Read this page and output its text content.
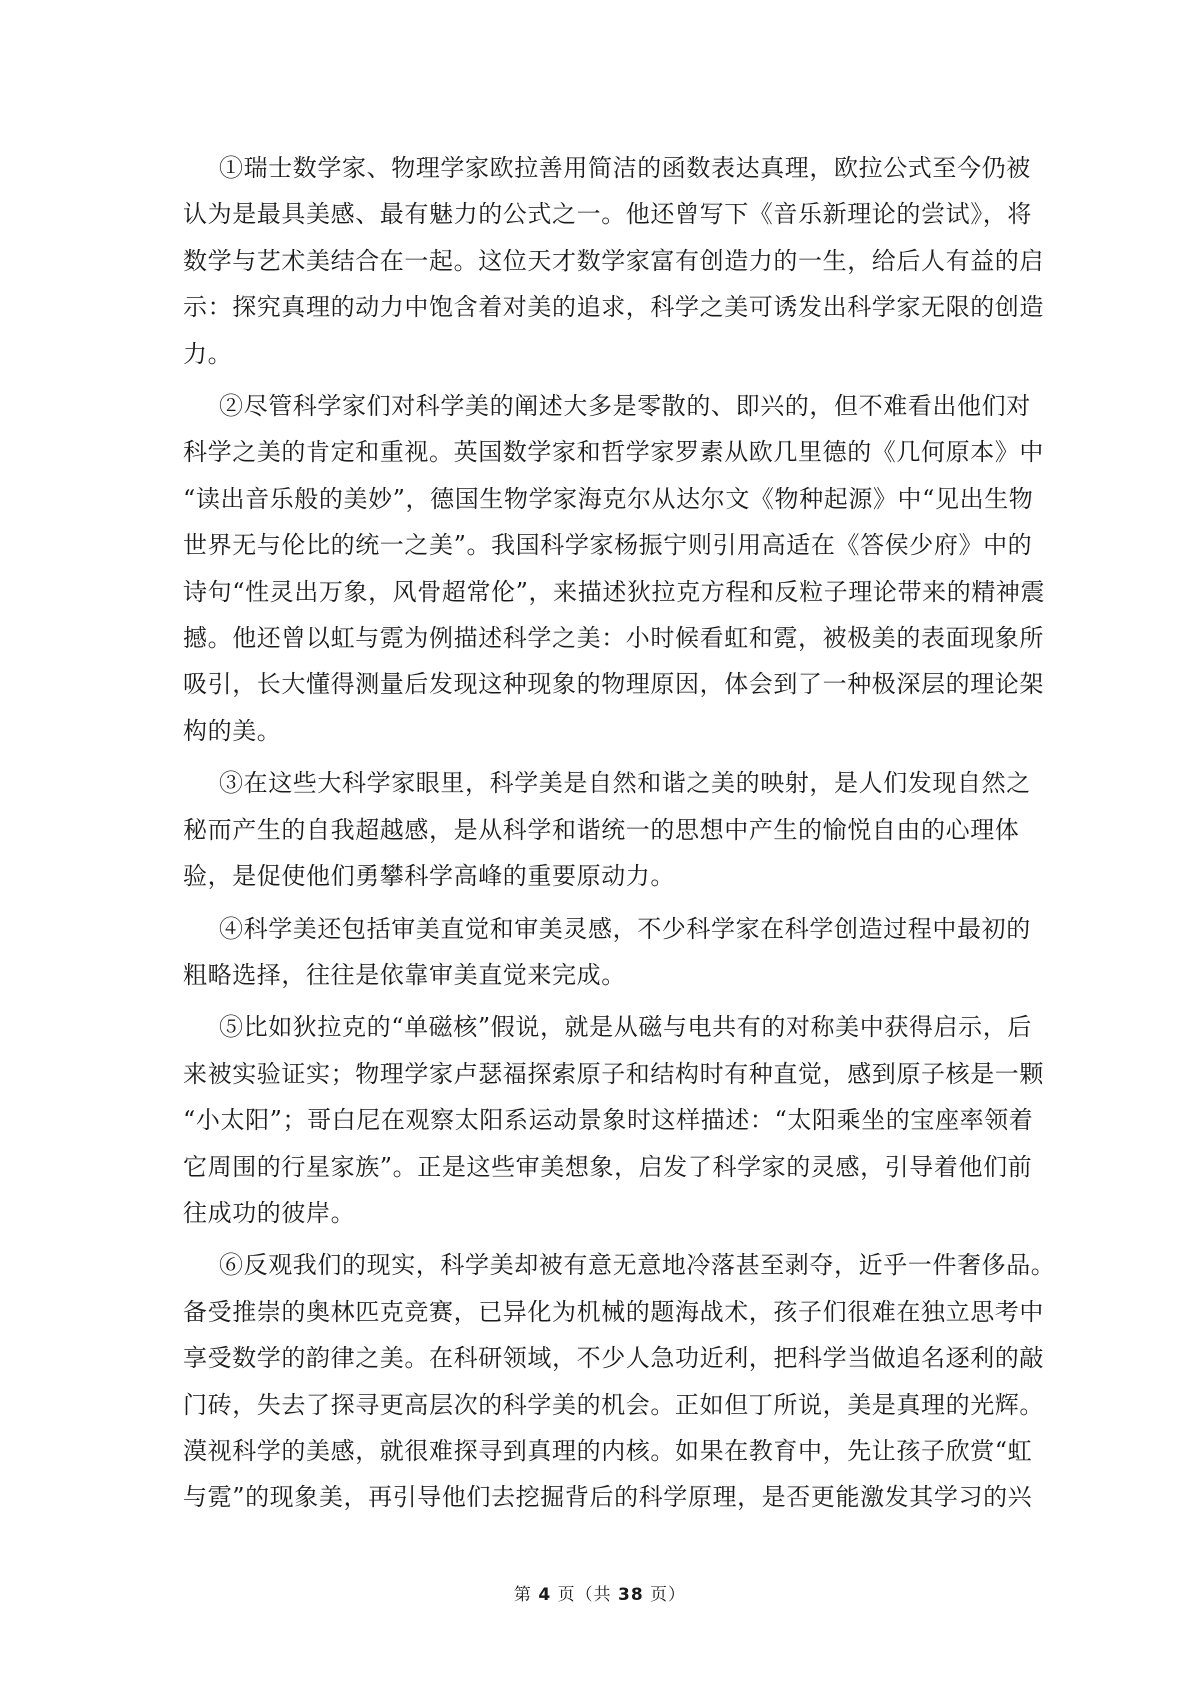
①瑞士数学家、物理学家欧拉善用简洁的函数表达真理，欧拉公式至今仍被
认为是最具美感、最有魅力的公式之一。他还曾写下《音乐新理论的尝试》，将
数学与艺术美结合在一起。这位天才数学家富有创造力的一生，给后人有益的启
示：探究真理的动力中饱含着对美的追求，科学之美可诱发出科学家无限的创造
力。

②尽管科学家们对科学美的阐述大多是零散的、即兴的，但不难看出他们对
科学之美的肯定和重视。英国数学家和哲学家罗素从欧几里德的《几何原本》中
“读出音乐般的美妙”，德国生物学家海克尔从达尔文《物种起源》中“见出生物
世界无与伦比的统一之美”。我国科学家杨振宁则引用高适在《答侯少府》中的
诗句“性灵出万象，风骨超常伦”，来描述狄拉克方程和反粒子理论带来的精神震
撼。他还曾以虹与霓为例描述科学之美：小时候看虹和霓，被极美的表面现象所
吸引，长大懂得测量后发现这种现象的物理原因，体会到了一种极深层的理论架
构的美。

③在这些大科学家眼里，科学美是自然和谐之美的映射，是人们发现自然之
秘而产生的自我超越感，是从科学和谐统一的思想中产生的愉悦自由的心理体
验，是促使他们勇攀科学高峰的重要原动力。

④科学美还包括审美直觉和审美灵感，不少科学家在科学创造过程中最初的
粗略选择，往往是依靠审美直觉来完成。

⑤比如狄拉克的“单磁核”假说，就是从磁与电共有的对称美中获得启示，后
来被实验证实；物理学家卢瑟福探索原子和结构时有种直觉，感到原子核是一颗
“小太阳”；哥白尼在观察太阳系运动景象时这样描述：“太阳乘坐的宝座率领着
它周围的行星家族”。正是这些审美想象，启发了科学家的灵感，引导着他们前
往成功的彼岸。

⑥反观我们的现实，科学美却被有意无意地冷落甚至剥夺，近乎一件奢侈品。
备受推崇的奥林匹克竞赛，已异化为机械的题海战术，孩子们很难在独立思考中
享受数学的韵律之美。在科研领域，不少人急功近利，把科学当做追名逐利的敲
门砖，失去了探寻更高层次的科学美的机会。正如但丁所说，美是真理的光辉。
漠视科学的美感，就很难探寻到真理的内核。如果在教育中，先让孩子欣赏“虹
与霓”的现象美，再引导他们去挖掘背后的科学原理，是否更能激发其学习的兴

第 4 页（共 38 页）
